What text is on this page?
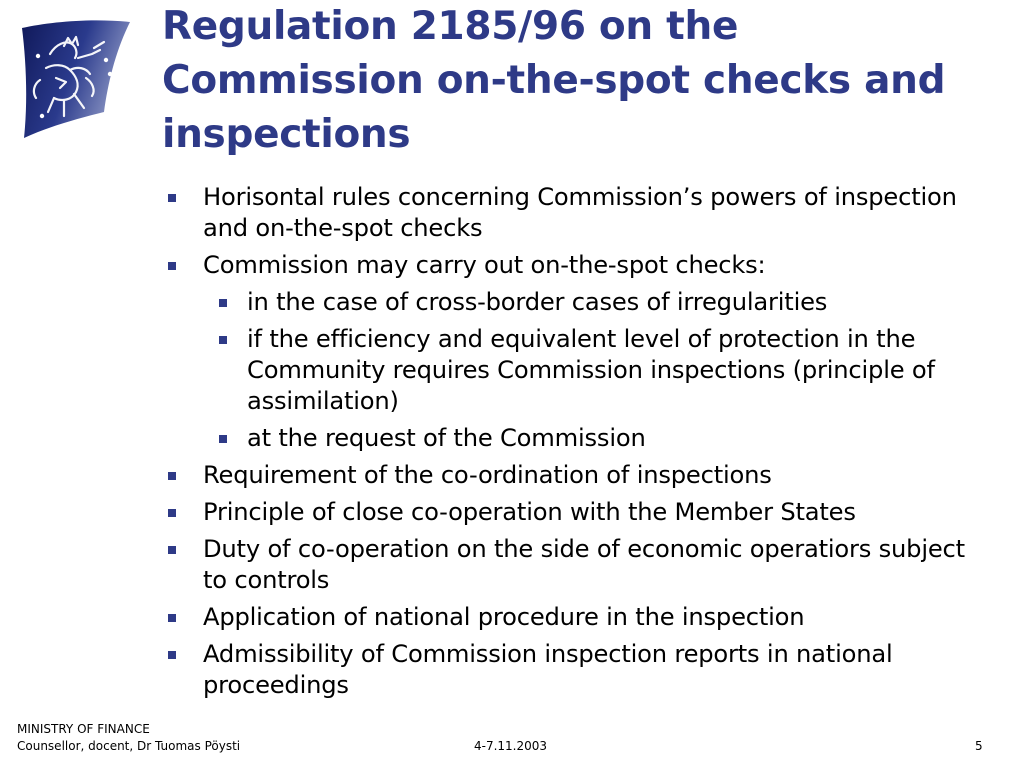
Regulation 2185/96 on the Commission on-the-spot checks and inspections
Horisontal rules concerning Commission’s powers of inspection and on-the-spot checks
Commission may carry out on-the-spot checks:
in the case of cross-border cases of irregularities
if the efficiency and equivalent level of protection in the Community requires Commission inspections (principle of assimilation)
at the request of the Commission
Requirement of the co-ordination of inspections
Principle of close co-operation with the Member States
Duty of co-operation on the side of economic operatiors subject to controls
Application of national procedure in the inspection
Admissibility of Commission inspection reports in national proceedings
MINISTRY OF FINANCE
Counsellor, docent, Dr Tuomas Pöysti	4-7.11.2003	5
